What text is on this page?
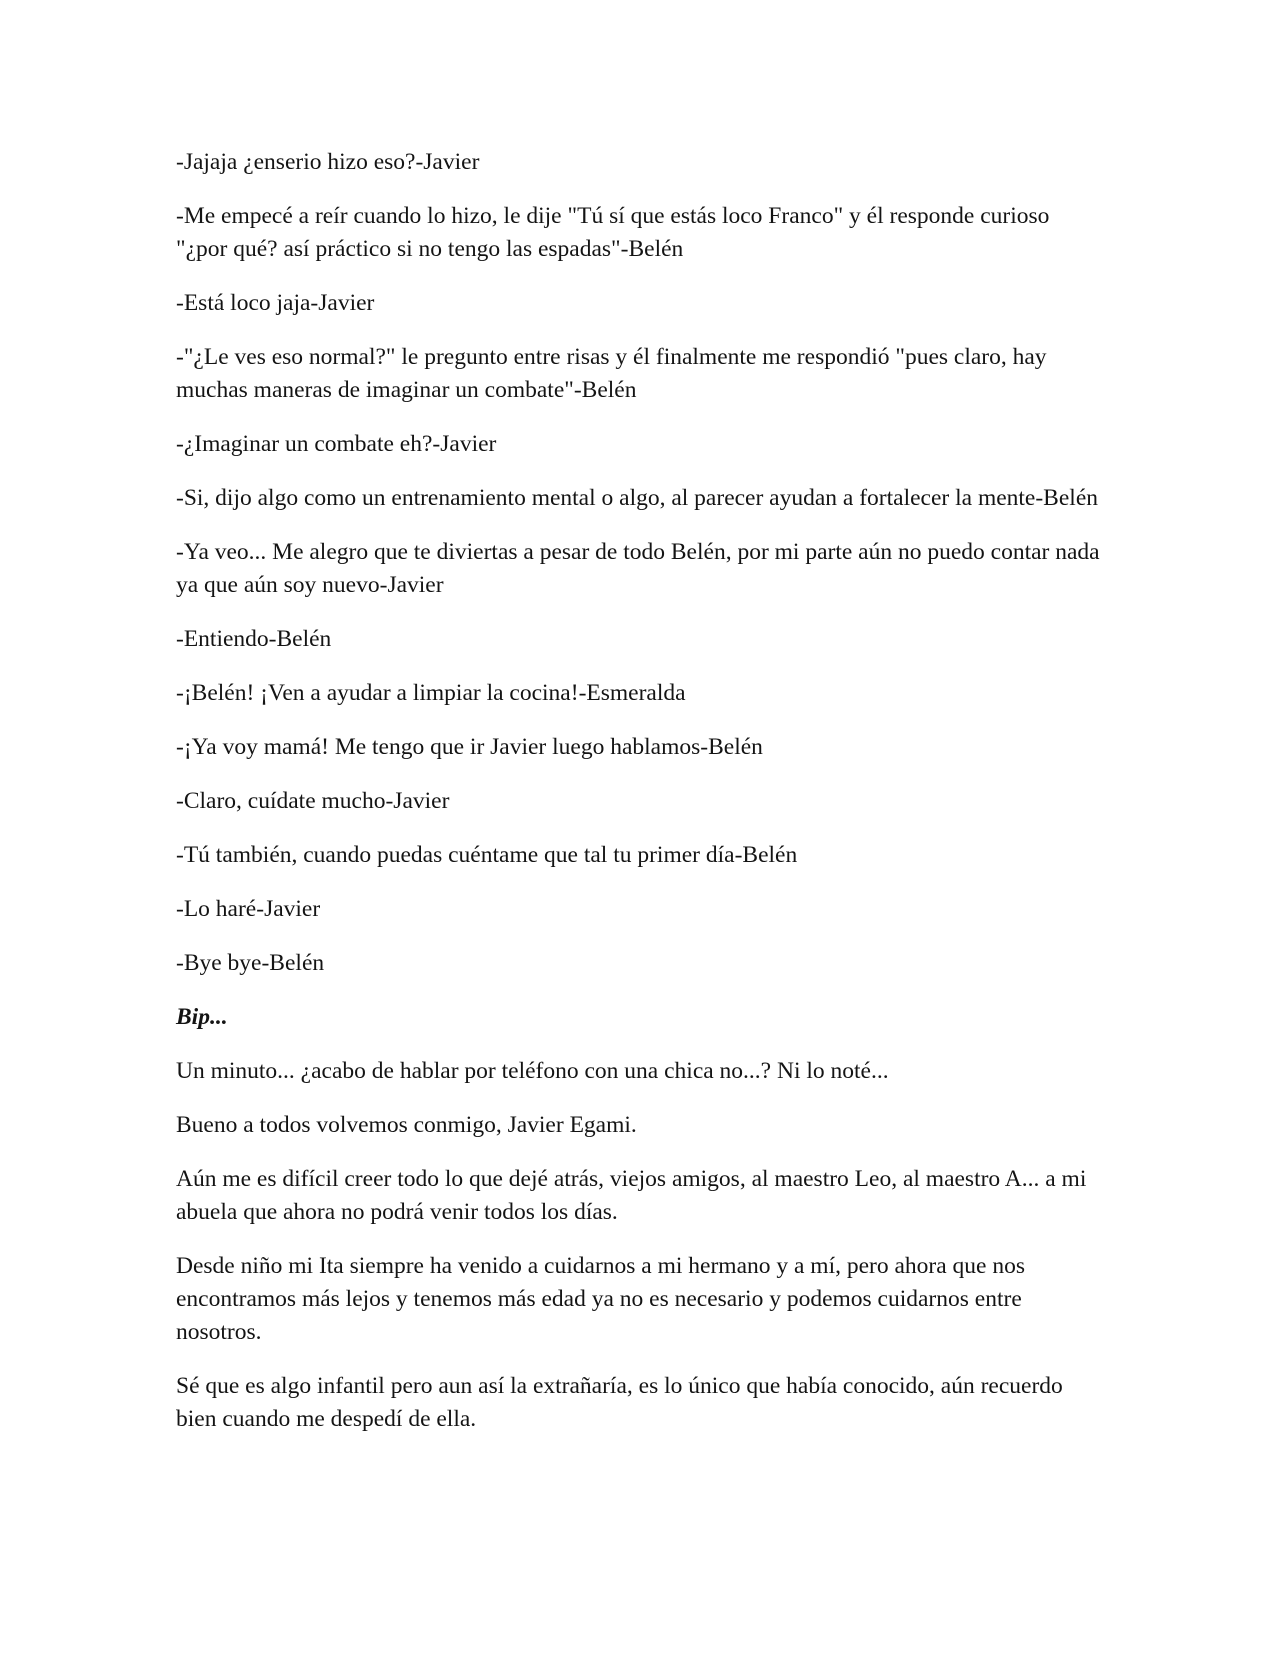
-Jajaja ¿enserio hizo eso?-Javier

-Me empecé a reír cuando lo hizo, le dije "Tú sí que estás loco Franco" y él responde curioso "¿por qué? así práctico si no tengo las espadas"-Belén

-Está loco jaja-Javier

-"¿Le ves eso normal?" le pregunto entre risas y él finalmente me respondió "pues claro, hay muchas maneras de imaginar un combate"-Belén

-¿Imaginar un combate eh?-Javier

-Si, dijo algo como un entrenamiento mental o algo, al parecer ayudan a fortalecer la mente-Belén

-Ya veo... Me alegro que te diviertas a pesar de todo Belén, por mi parte aún no puedo contar nada ya que aún soy nuevo-Javier

-Entiendo-Belén

-¡Belén! ¡Ven a ayudar a limpiar la cocina!-Esmeralda

-¡Ya voy mamá! Me tengo que ir Javier luego hablamos-Belén

-Claro, cuídate mucho-Javier

-Tú también, cuando puedas cuéntame que tal tu primer día-Belén

-Lo haré-Javier

-Bye bye-Belén

Bip...

Un minuto... ¿acabo de hablar por teléfono con una chica no...? Ni lo noté...

Bueno a todos volvemos conmigo, Javier Egami.

Aún me es difícil creer todo lo que dejé atrás, viejos amigos, al maestro Leo, al maestro A... a mi abuela que ahora no podrá venir todos los días.

Desde niño mi Ita siempre ha venido a cuidarnos a mi hermano y a mí, pero ahora que nos encontramos más lejos y tenemos más edad ya no es necesario y podemos cuidarnos entre nosotros.

Sé que es algo infantil pero aun así la extrañaría, es lo único que había conocido, aún recuerdo bien cuando me despedí de ella.
